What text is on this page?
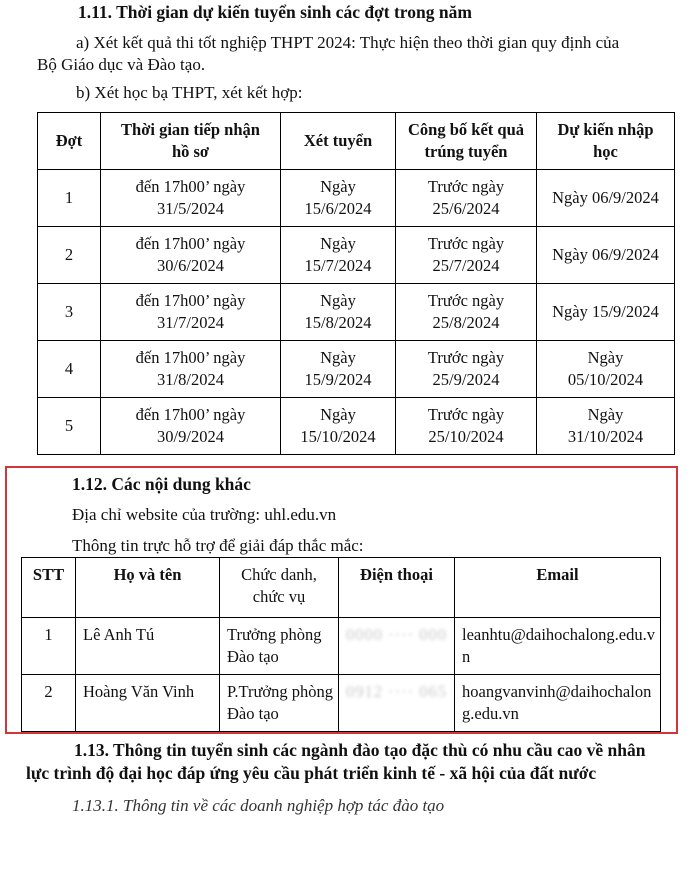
1.11. Thời gian dự kiến tuyển sinh các đợt trong năm
a) Xét kết quả thi tốt nghiệp THPT 2024: Thực hiện theo thời gian quy định của
Bộ Giáo dục và Đào tạo.
b) Xét học bạ THPT, xét kết hợp:
Đợt	Thời gian tiếp nhận hồ sơ	Xét tuyển	Công bố kết quả trúng tuyển	Dự kiến nhập học
1	đến 17h00’ ngày 31/5/2024	Ngày 15/6/2024	Trước ngày 25/6/2024	Ngày 06/9/2024
2	đến 17h00’ ngày 30/6/2024	Ngày 15/7/2024	Trước ngày 25/7/2024	Ngày 06/9/2024
3	đến 17h00’ ngày 31/7/2024	Ngày 15/8/2024	Trước ngày 25/8/2024	Ngày 15/9/2024
4	đến 17h00’ ngày 31/8/2024	Ngày 15/9/2024	Trước ngày 25/9/2024	Ngày 05/10/2024
5	đến 17h00’ ngày 30/9/2024	Ngày 15/10/2024	Trước ngày 25/10/2024	Ngày 31/10/2024
1.12. Các nội dung khác
Địa chỉ website của trường: uhl.edu.vn
Thông tin trực hỗ trợ để giải đáp thắc mắc:
STT	Họ và tên	Chức danh, chức vụ	Điện thoại	Email
1	Lê Anh Tú	Trưởng phòng Đào tạo	0000 ···· 000	leanhtu@daihochalong.edu.vn
2	Hoàng Văn Vinh	P.Trưởng phòng Đào tạo	0912 ···· 065	hoangvanvinh@daihochalong.edu.vn
1.13. Thông tin tuyển sinh các ngành đào tạo đặc thù có nhu cầu cao về nhân
lực trình độ đại học đáp ứng yêu cầu phát triển kinh tế - xã hội của đất nước
1.13.1. Thông tin về các doanh nghiệp hợp tác đào tạo
